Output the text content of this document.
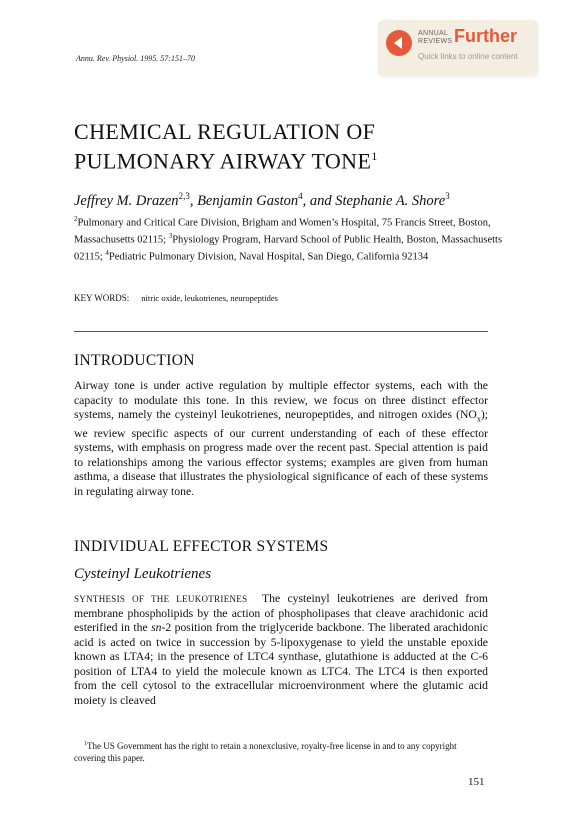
Annu. Rev. Physiol. 1995. 57:151–70
ANNUAL
REVIEWS Further
Quick links to online content
CHEMICAL REGULATION OF
PULMONARY AIRWAY TONE$^1$
Jeffrey M. Drazen$^{2,3}$, Benjamin Gaston$^4$, and Stephanie A. Shore$^3$
$^2$Pulmonary and Critical Care Division, Brigham and Women’s Hospital, 75 Francis Street, Boston, Massachusetts 02115; $^3$Physiology Program, Harvard School of Public Health, Boston, Massachusetts 02115; $^4$Pediatric Pulmonary Division, Naval Hospital, San Diego, California 92134
KEY WORDS: nitric oxide, leukotrienes, neuropeptides
INTRODUCTION
Airway tone is under active regulation by multiple effector systems, each with the capacity to modulate this tone. In this review, we focus on three distinct effector systems, namely the cysteinyl leukotrienes, neuropeptides, and nitrogen oxides $(NO_x)$; we review specific aspects of our current understanding of each of these effector systems, with emphasis on progress made over the recent past. Special attention is paid to relationships among the various effector systems; examples are given from human asthma, a disease that illustrates the physiological significance of each of these systems in regulating airway tone.
INDIVIDUAL EFFECTOR SYSTEMS
Cysteinyl Leukotrienes
SYNTHESIS OF THE LEUKOTRIENES The cysteinyl leukotrienes are derived from membrane phospholipids by the action of phospholipases that cleave arachidonic acid esterified in the sn-2 position from the triglyceride backbone. The liberated arachidonic acid is acted on twice in succession by 5-lipoxygenase to yield the unstable epoxide known as LTA4; in the presence of LTC4 synthase, glutathione is adducted at the C-6 position of LTA4 to yield the molecule known as LTC4. The LTC4 is then exported from the cell cytosol to the extracellular microenvironment where the glutamic acid moiety is cleaved
$^1$The US Government has the right to retain a nonexclusive, royalty-free license in and to any copyright covering this paper.
151
